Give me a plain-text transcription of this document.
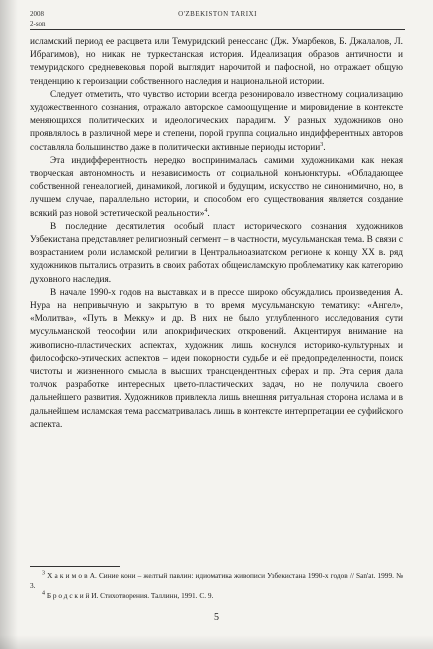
2008
2-son
O'ZBEKISTON TARIXI

исламский период ее расцвета или Темуридский ренессанс (Дж. Умарбеков, Б. Джалалов, Л. Ибрагимов), но никак не туркестанская история. Идеализация образов античности и темуридского средневековья порой выглядит нарочитой и пафосной, но отражает общую тенденцию к героизации собственного наследия и национальной истории.

Следует отметить, что чувство истории всегда резонировало известному социализацию художественного сознания, отражало авторское самоощущение и мировидение в контексте меняющихся политических и идеологических парадигм. У разных художников оно проявлялось в различной мере и степени, порой группа социально индифферентных авторов составляла большинство даже в политически активные периоды истории$^3$.

Эта индифферентность нередко воспринималась самими художниками как некая творческая автономность и независимость от социальной конъюнктуры. «Обладающее собственной генеалогией, динамикой, логикой и будущим, искусство не синонимично, но, в лучшем случае, параллельно истории, и способом его существования является создание всякий раз новой эстетической реальности»$^4$.

В последние десятилетия особый пласт исторического сознания художников Узбекистана представляет религиозный сегмент – в частности, мусульманская тема. В связи с возрастанием роли исламской религии в Центральноазиатском регионе к концу XX в. ряд художников пытались отразить в своих работах общеисламскую проблематику как категорию духовного наследия.

В начале 1990-х годов на выставках и в прессе широко обсуждались произведения А. Нура на непривычную и закрытую в то время мусульманскую тематику: «Ангел», «Молитва», «Путь в Мекку» и др. В них не было углубленного исследования сути мусульманской теософии или апокрифических откровений. Акцентируя внимание на живописно-пластических аспектах, художник лишь коснулся историко-культурных и философско-этических аспектов – идеи покорности судьбе и её предопределенности, поиск чистоты и жизненного смысла в высших трансцендентных сферах и пр. Эта серия дала толчок разработке интересных цвето-пластических задач, но не получила своего дальнейшего развития. Художников привлекла лишь внешняя ритуальная сторона ислама и в дальнейшем исламская тема рассматривалась лишь в контексте интерпретации ее суфийского аспекта.

$^3$ Х а к и м о в А. Синие кони – желтый павлин: идиоматика живописи Узбекистана 1990-х годов // San'at. 1999. № 3.

$^4$ Б р о д с к и й И. Стихотворения. Таллинн, 1991. С. 9.

5
